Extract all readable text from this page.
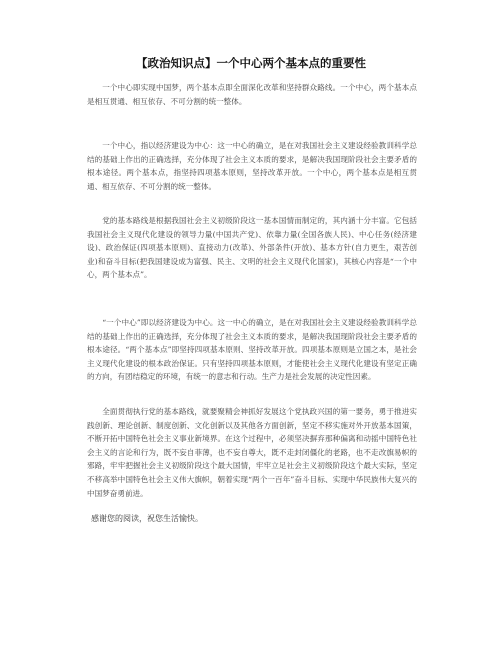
【政治知识点】一个中心两个基本点的重要性

一个中心即实现中国梦，两个基本点即全面深化改革和坚持群众路线。一个中心，两个基本点是相互贯通、相互依存、不可分割的统一整体。

一个中心，指以经济建设为中心：这一中心的确立，是在对我国社会主义建设经验教训科学总结的基础上作出的正确选择，充分体现了社会主义本质的要求，是解决我国现阶段社会主要矛盾的根本途径。两个基本点，指坚持四项基本原则，坚持改革开放。一个中心，两个基本点是相互贯通、相互依存、不可分割的统一整体。

党的基本路线是根据我国社会主义初级阶段这一基本国情而制定的，其内涵十分丰富。它包括我国社会主义现代化建设的领导力量(中国共产党)、依靠力量(全国各族人民)、中心任务(经济建设)、政治保证(四项基本原则)、直接动力(改革)、外部条件(开放)、基本方针(自力更生，艰苦创业)和奋斗目标(把我国建设成为富强、民主、文明的社会主义现代化国家)，其核心内容是“一个中心，两个基本点”。

“一个中心”即以经济建设为中心。这一中心的确立，是在对我国社会主义建设经验教训科学总结的基础上作出的正确选择，充分体现了社会主义本质的要求，是解决我国现阶段社会主要矛盾的根本途径。“两个基本点”即坚持四项基本原则、坚持改革开放。四项基本原则是立国之本，是社会主义现代化建设的根本政治保证。只有坚持四项基本原则，才能使社会主义现代化建设有坚定正确的方向，有团结稳定的环境，有统一的意志和行动。生产力是社会发展的决定性因素。

全面贯彻执行党的基本路线，就要聚精会神抓好发展这个党执政兴国的第一要务，勇于推进实践创新、理论创新、制度创新、文化创新以及其他各方面创新，坚定不移实施对外开放基本国策，不断开拓中国特色社会主义事业新境界。在这个过程中，必须坚决摒弃那种偏离和动摇中国特色社会主义的言论和行为，既不妄自菲薄，也不妄自尊大，既不走封闭僵化的老路，也不走改旗易帜的邪路，牢牢把握社会主义初级阶段这个最大国情，牢牢立足社会主义初级阶段这个最大实际，坚定不移高举中国特色社会主义伟大旗帜，朝着实现“两个一百年”奋斗目标、实现中华民族伟大复兴的中国梦奋勇前进。

感谢您的阅读，祝您生活愉快。
